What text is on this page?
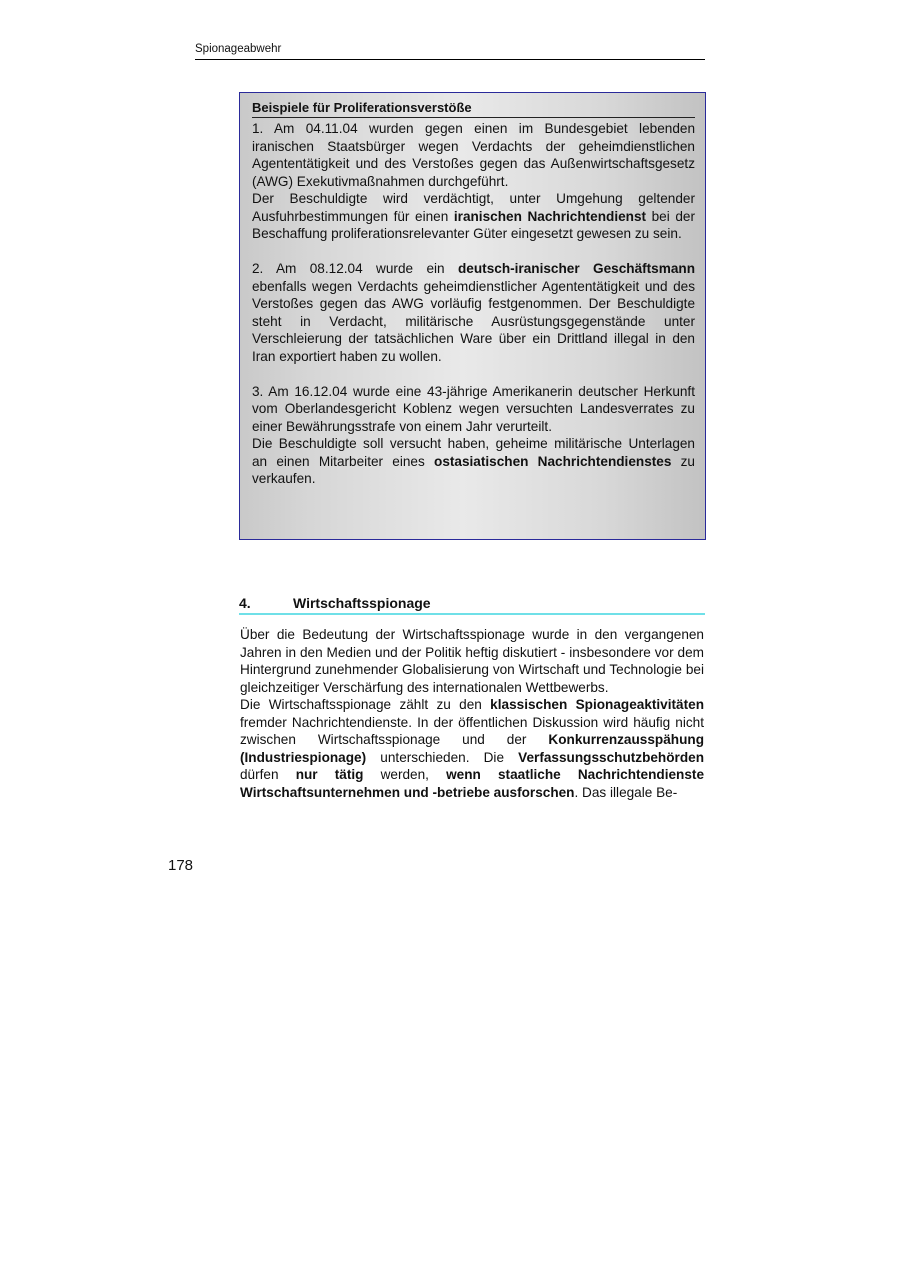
Spionageabwehr
Beispiele für Proliferationsverstöße

1. Am 04.11.04 wurden gegen einen im Bundesgebiet lebenden iranischen Staatsbürger wegen Verdachts der geheimdienstlichen Agententätigkeit und des Verstoßes gegen das Außenwirtschaftsgesetz (AWG) Exekutivmaßnahmen durchgeführt.
Der Beschuldigte wird verdächtigt, unter Umgehung geltender Ausfuhrbestimmungen für einen iranischen Nachrichtendienst bei der Beschaffung proliferationsrelevanter Güter eingesetzt gewesen zu sein.

2. Am 08.12.04 wurde ein deutsch-iranischer Geschäftsmann ebenfalls wegen Verdachts geheimdienstlicher Agententätigkeit und des Verstoßes gegen das AWG vorläufig festgenommen. Der Beschuldigte steht in Verdacht, militärische Ausrüstungsgegenstände unter Verschleierung der tatsächlichen Ware über ein Drittland illegal in den Iran exportiert haben zu wollen.

3. Am 16.12.04 wurde eine 43-jährige Amerikanerin deutscher Herkunft vom Oberlandesgericht Koblenz wegen versuchten Landesverrates zu einer Bewährungsstrafe von einem Jahr verurteilt.
Die Beschuldigte soll versucht haben, geheime militärische Unterlagen an einen Mitarbeiter eines ostasiatischen Nachrichtendienstes zu verkaufen.

4.	Wirtschaftsspionage

Über die Bedeutung der Wirtschaftsspionage wurde in den vergangenen Jahren in den Medien und der Politik heftig diskutiert - insbesondere vor dem Hintergrund zunehmender Globalisierung von Wirtschaft und Technologie bei gleichzeitiger Verschärfung des internationalen Wettbewerbs.

Die Wirtschaftsspionage zählt zu den klassischen Spionageaktivitäten fremder Nachrichtendienste. In der öffentlichen Diskussion wird häufig nicht zwischen Wirtschaftsspionage und der Konkurrenzausspähung (Industriespionage) unterschieden. Die Verfassungsschutzbehörden dürfen nur tätig werden, wenn staatliche Nachrichtendienste Wirtschaftsunternehmen und -betriebe ausforschen. Das illegale Be-

178
